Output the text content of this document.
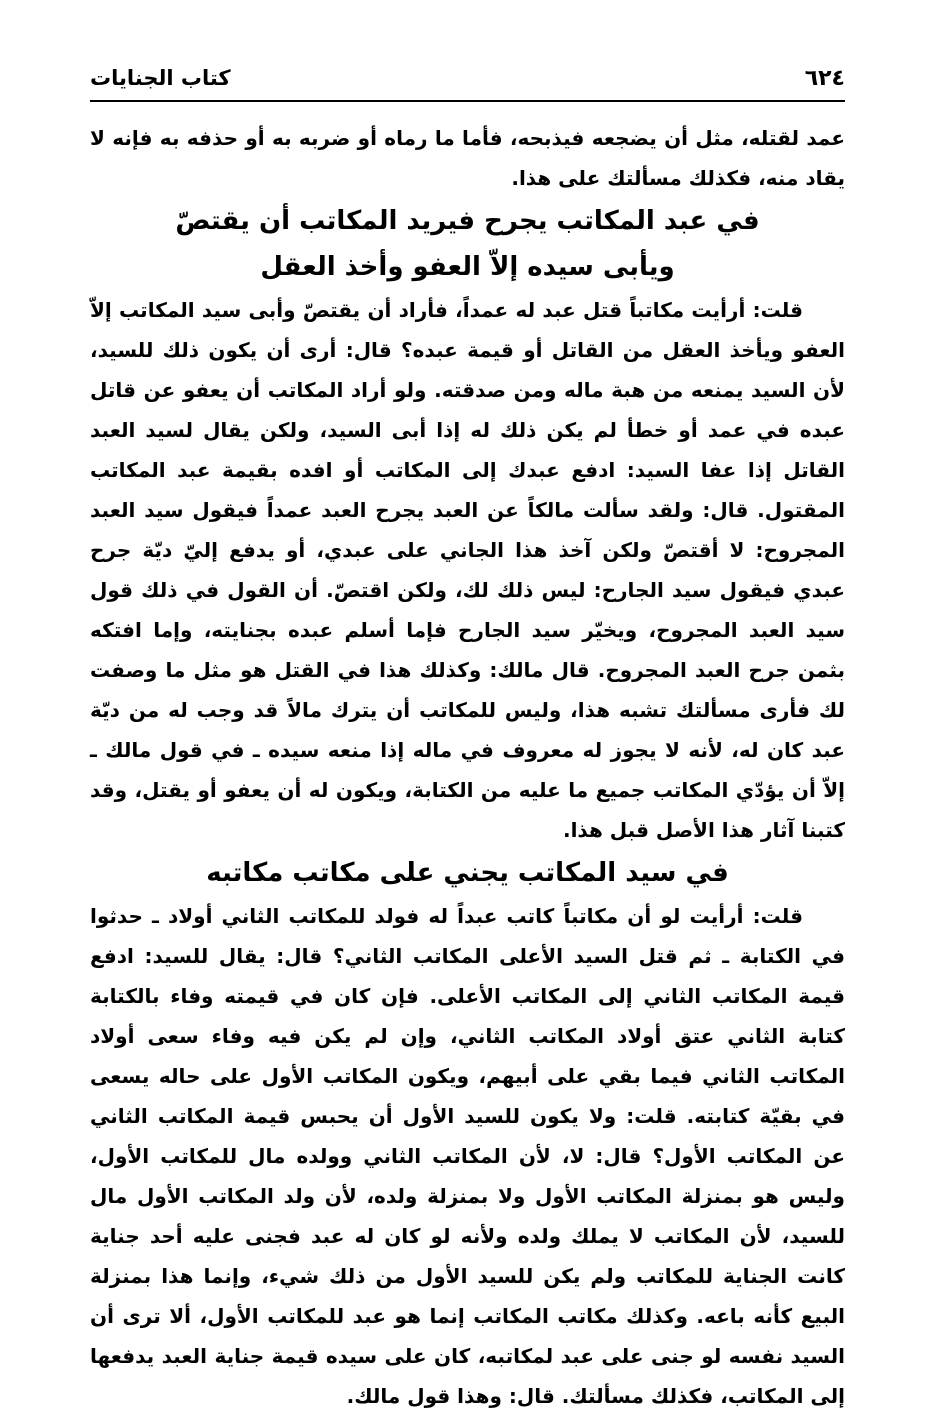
٦٢٤
كتاب الجنايات

عمد لقتله، مثل أن يضجعه فيذبحه، فأما ما رماه أو ضربه به أو حذفه به فإنه لا يقاد منه، فكذلك مسألتك على هذا.

في عبد المكاتب يجرح فيريد المكاتب أن يقتصّ
ويأبى سيده إلاّ العفو وأخذ العقل

قلت: أرأيت مكاتباً قتل عبد له عمداً، فأراد أن يقتصّ وأبى سيد المكاتب إلاّ العفو ويأخذ العقل من القاتل أو قيمة عبده؟ قال: أرى أن يكون ذلك للسيد، لأن السيد يمنعه من هبة ماله ومن صدقته. ولو أراد المكاتب أن يعفو عن قاتل عبده في عمد أو خطأ لم يكن ذلك له إذا أبى السيد، ولكن يقال لسيد العبد القاتل إذا عفا السيد: ادفع عبدك إلى المكاتب أو افده بقيمة عبد المكاتب المقتول. قال: ولقد سألت مالكاً عن العبد يجرح العبد عمداً فيقول سيد العبد المجروح: لا أقتصّ ولكن آخذ هذا الجاني على عبدي، أو يدفع إليّ ديّة جرح عبدي فيقول سيد الجارح: ليس ذلك لك، ولكن اقتصّ. أن القول في ذلك قول سيد العبد المجروح، ويخيّر سيد الجارح فإما أسلم عبده بجنايته، وإما افتكه بثمن جرح العبد المجروح. قال مالك: وكذلك هذا في القتل هو مثل ما وصفت لك فأرى مسألتك تشبه هذا، وليس للمكاتب أن يترك مالاً قد وجب له من ديّة عبد كان له، لأنه لا يجوز له معروف في ماله إذا منعه سيده ـ في قول مالك ـ إلاّ أن يؤدّي المكاتب جميع ما عليه من الكتابة، ويكون له أن يعفو أو يقتل، وقد كتبنا آثار هذا الأصل قبل هذا.

في سيد المكاتب يجني على مكاتب مكاتبه

قلت: أرأيت لو أن مكاتباً كاتب عبداً له فولد للمكاتب الثاني أولاد ـ حدثوا في الكتابة ـ ثم قتل السيد الأعلى المكاتب الثاني؟ قال: يقال للسيد: ادفع قيمة المكاتب الثاني إلى المكاتب الأعلى. فإن كان في قيمته وفاء بالكتابة كتابة الثاني عتق أولاد المكاتب الثاني، وإن لم يكن فيه وفاء سعى أولاد المكاتب الثاني فيما بقي على أبيهم، ويكون المكاتب الأول على حاله يسعى في بقيّة كتابته. قلت: ولا يكون للسيد الأول أن يحبس قيمة المكاتب الثاني عن المكاتب الأول؟ قال: لا، لأن المكاتب الثاني وولده مال للمكاتب الأول، وليس هو بمنزلة المكاتب الأول ولا بمنزلة ولده، لأن ولد المكاتب الأول مال للسيد، لأن المكاتب لا يملك ولده ولأنه لو كان له عبد فجنى عليه أحد جناية كانت الجناية للمكاتب ولم يكن للسيد الأول من ذلك شيء، وإنما هذا بمنزلة البيع كأنه باعه. وكذلك مكاتب المكاتب إنما هو عبد للمكاتب الأول، ألا ترى أن السيد نفسه لو جنى على عبد لمكاتبه، كان على سيده قيمة جناية العبد يدفعها إلى المكاتب، فكذلك مسألتك. قال: وهذا قول مالك.
